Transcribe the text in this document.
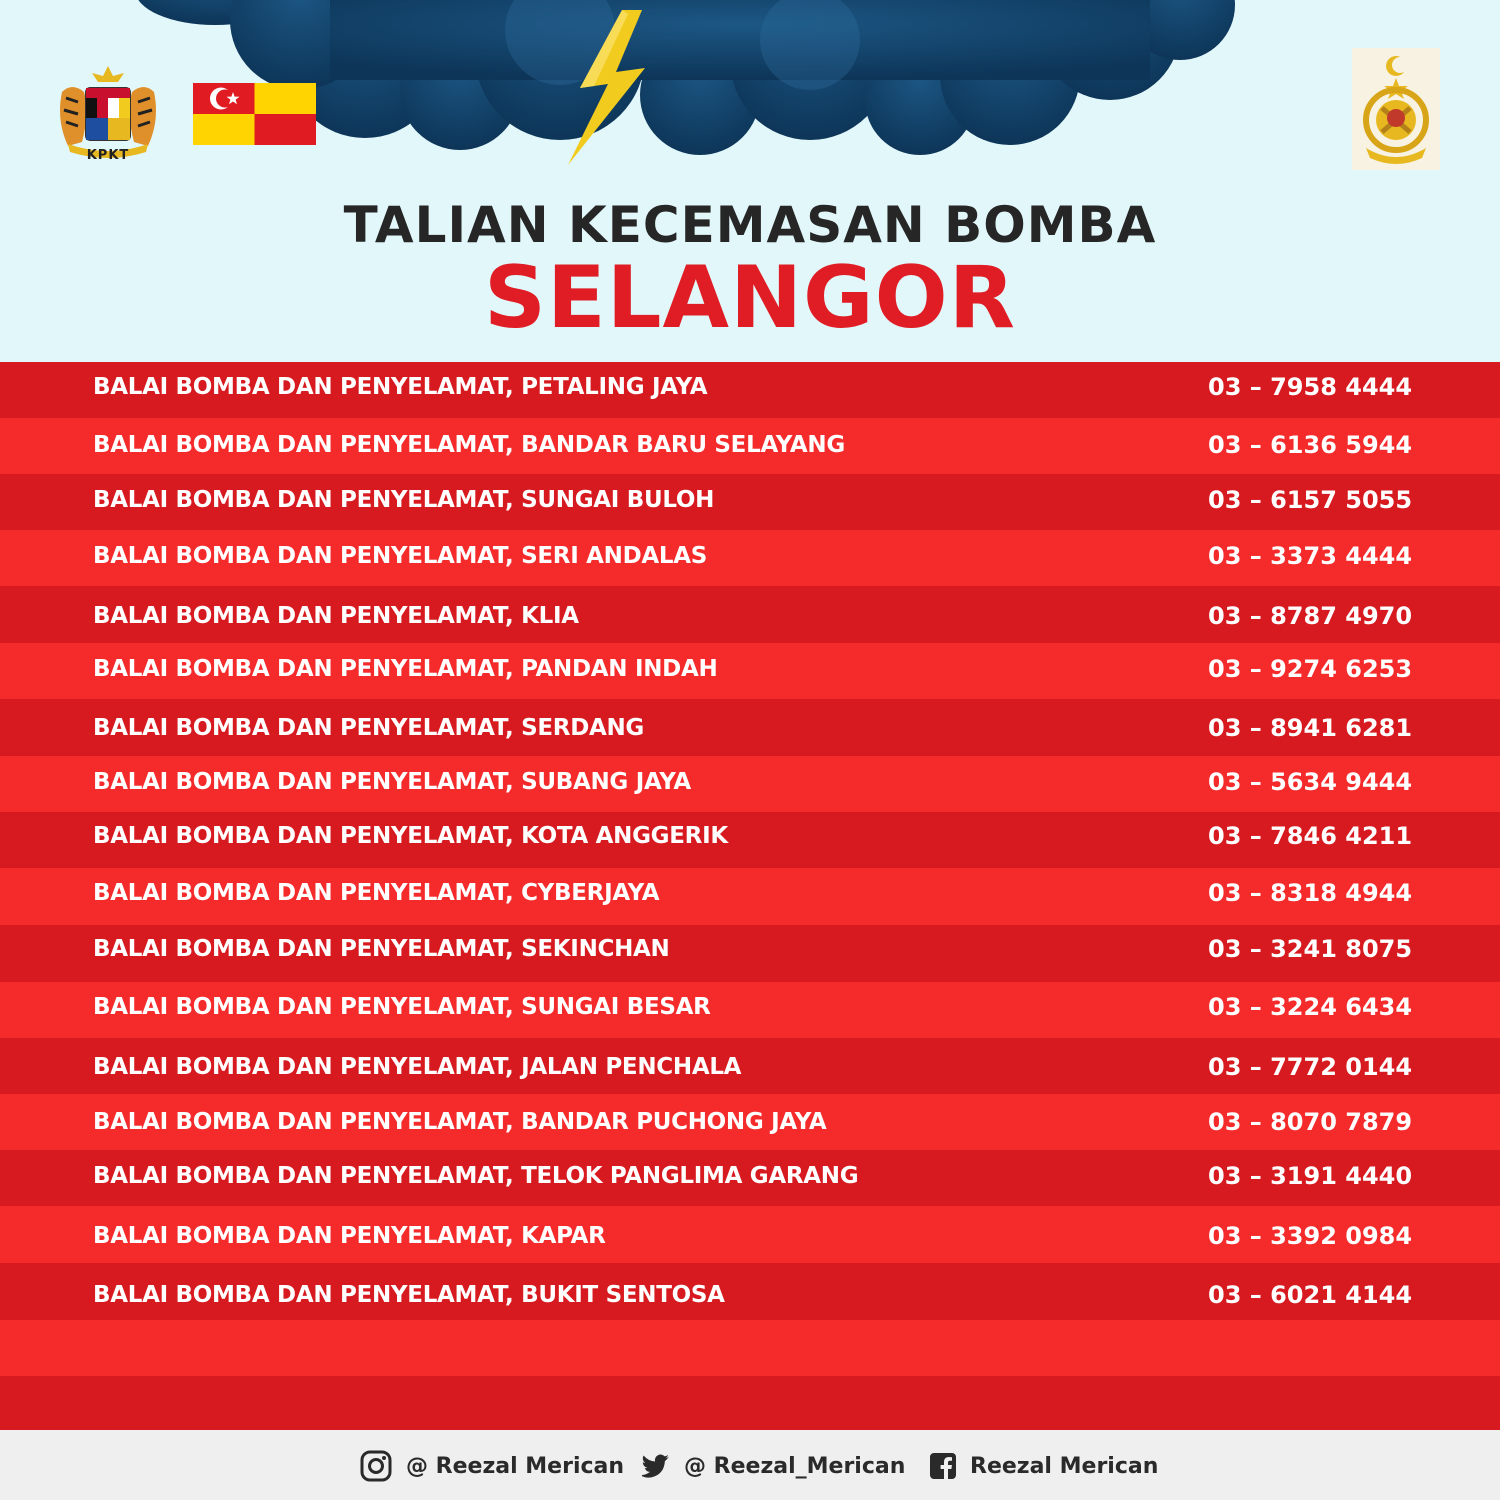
KPKT
TALIAN KECEMASAN BOMBA
SELANGOR
BALAI BOMBA DAN PENYELAMAT, PETALING JAYA	03 – 7958 4444
BALAI BOMBA DAN PENYELAMAT, BANDAR BARU SELAYANG	03 – 6136 5944
BALAI BOMBA DAN PENYELAMAT, SUNGAI BULOH	03 – 6157 5055
BALAI BOMBA DAN PENYELAMAT, SERI ANDALAS	03 – 3373 4444
BALAI BOMBA DAN PENYELAMAT, KLIA	03 – 8787 4970
BALAI BOMBA DAN PENYELAMAT, PANDAN INDAH	03 – 9274 6253
BALAI BOMBA DAN PENYELAMAT, SERDANG	03 – 8941 6281
BALAI BOMBA DAN PENYELAMAT, SUBANG JAYA	03 – 5634 9444
BALAI BOMBA DAN PENYELAMAT, KOTA ANGGERIK	03 – 7846 4211
BALAI BOMBA DAN PENYELAMAT, CYBERJAYA	03 – 8318 4944
BALAI BOMBA DAN PENYELAMAT, SEKINCHAN	03 – 3241 8075
BALAI BOMBA DAN PENYELAMAT, SUNGAI BESAR	03 – 3224 6434
BALAI BOMBA DAN PENYELAMAT, JALAN PENCHALA	03 – 7772 0144
BALAI BOMBA DAN PENYELAMAT, BANDAR PUCHONG JAYA	03 – 8070 7879
BALAI BOMBA DAN PENYELAMAT, TELOK PANGLIMA GARANG	03 – 3191 4440
BALAI BOMBA DAN PENYELAMAT, KAPAR	03 – 3392 0984
BALAI BOMBA DAN PENYELAMAT, BUKIT SENTOSA	03 – 6021 4144
@ Reezal Merican	@ Reezal_Merican	Reezal Merican
